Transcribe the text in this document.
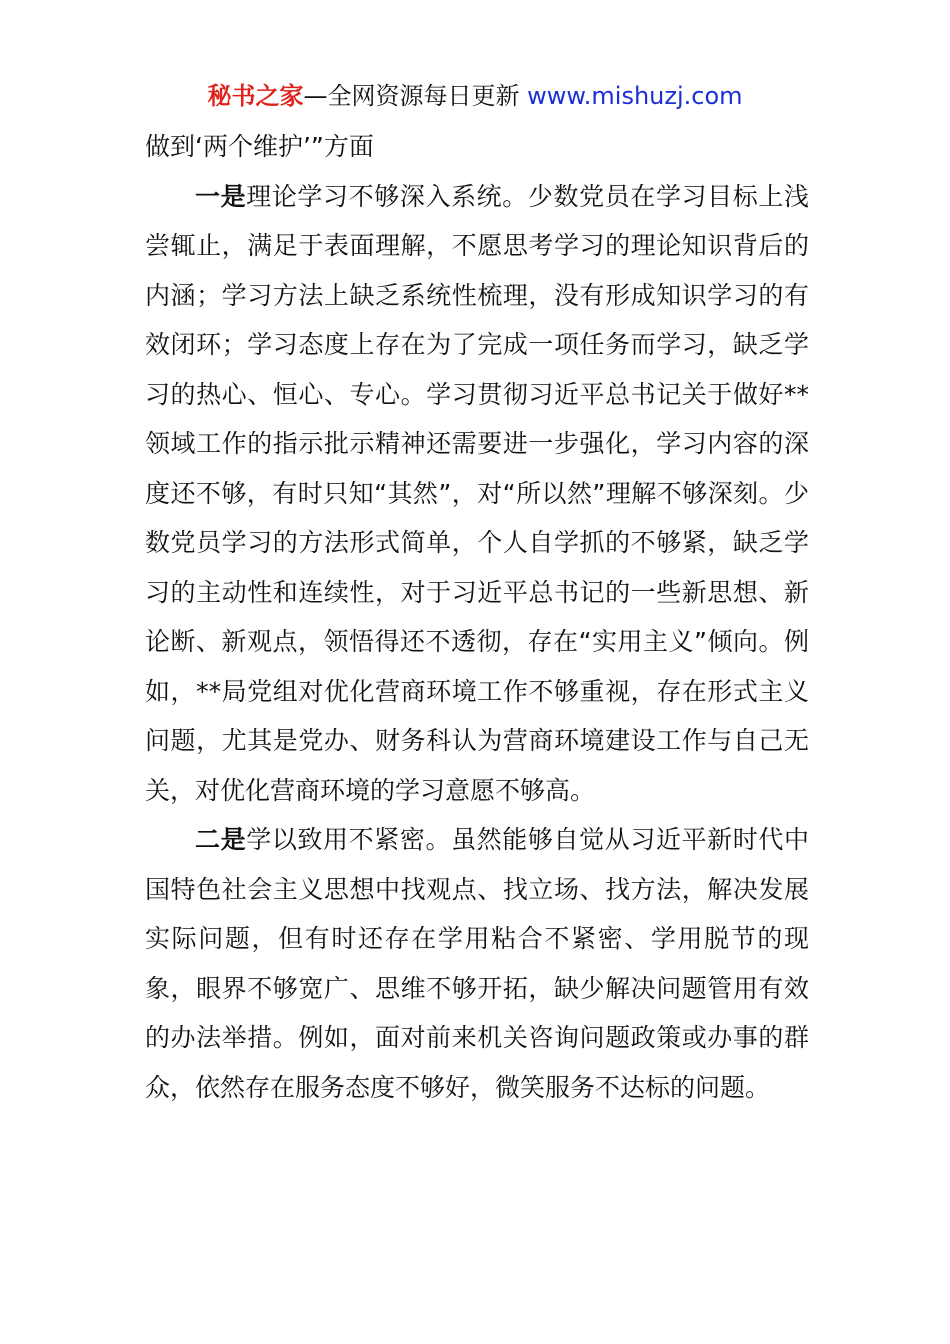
秘书之家—全网资源每日更新 www.mishuzj.com

做到‘两个维护’”方面

一是理论学习不够深入系统。少数党员在学习目标上浅尝辄止，满足于表面理解，不愿思考学习的理论知识背后的内涵；学习方法上缺乏系统性梳理，没有形成知识学习的有效闭环；学习态度上存在为了完成一项任务而学习，缺乏学习的热心、恒心、专心。学习贯彻习近平总书记关于做好**领域工作的指示批示精神还需要进一步强化，学习内容的深度还不够，有时只知“其然”，对“所以然”理解不够深刻。少数党员学习的方法形式简单，个人自学抓的不够紧，缺乏学习的主动性和连续性，对于习近平总书记的一些新思想、新论断、新观点，领悟得还不透彻，存在“实用主义”倾向。例如，**局党组对优化营商环境工作不够重视，存在形式主义问题，尤其是党办、财务科认为营商环境建设工作与自己无关，对优化营商环境的学习意愿不够高。

二是学以致用不紧密。虽然能够自觉从习近平新时代中国特色社会主义思想中找观点、找立场、找方法，解决发展实际问题，但有时还存在学用粘合不紧密、学用脱节的现象，眼界不够宽广、思维不够开拓，缺少解决问题管用有效的办法举措。例如，面对前来机关咨询问题政策或办事的群众，依然存在服务态度不够好，微笑服务不达标的问题。
